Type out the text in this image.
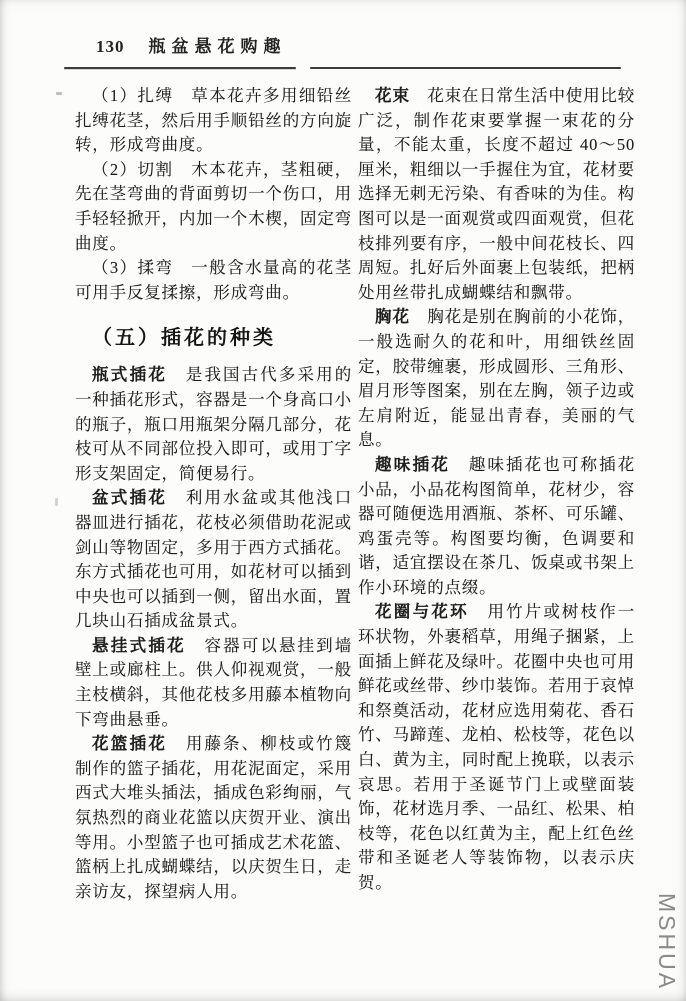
130 瓶盆悬花购趣

（1）扎缚　草本花卉多用细铅丝扎缚花茎，然后用手顺铅丝的方向旋转，形成弯曲度。

（2）切割　木本花卉，茎粗硬，先在茎弯曲的背面剪切一个伤口，用手轻轻掀开，内加一个木楔，固定弯曲度。

（3）揉弯　一般含水量高的花茎可用手反复揉擦，形成弯曲。

（五）插花的种类

瓶式插花　是我国古代多采用的一种插花形式，容器是一个身高口小的瓶子，瓶口用瓶架分隔几部分，花枝可从不同部位投入即可，或用丁字形支架固定，简便易行。

盆式插花　利用水盆或其他浅口器皿进行插花，花枝必须借助花泥或剑山等物固定，多用于西方式插花。东方式插花也可用，如花材可以插到中央也可以插到一侧，留出水面，置几块山石插成盆景式。

悬挂式插花　容器可以悬挂到墙壁上或廊柱上。供人仰视观赏，一般主枝横斜，其他花枝多用藤本植物向下弯曲悬垂。

花篮插花　用藤条、柳枝或竹篾制作的篮子插花，用花泥面定，采用西式大堆头插法，插成色彩绚丽，气氛热烈的商业花篮以庆贺开业、演出等用。小型篮子也可插成艺术花篮、篮柄上扎成蝴蝶结，以庆贺生日，走亲访友，探望病人用。

花束　花束在日常生活中使用比较广泛，制作花束要掌握一束花的分量，不能太重，长度不超过 40～50 厘米，粗细以一手握住为宜，花材要选择无刺无污染、有香味的为佳。构图可以是一面观赏或四面观赏，但花枝排列要有序，一般中间花枝长、四周短。扎好后外面裹上包装纸，把柄处用丝带扎成蝴蝶结和飘带。

胸花　胸花是别在胸前的小花饰，一般选耐久的花和叶，用细铁丝固定，胶带缠裹，形成圆形、三角形、眉月形等图案，别在左胸，领子边或左肩附近，能显出青春，美丽的气息。

趣味插花　趣味插花也可称插花小品，小品花构图简单，花材少，容器可随便选用酒瓶、茶杯、可乐罐、鸡蛋壳等。构图要均衡，色调要和谐，适宜摆设在茶几、饭桌或书架上作小环境的点缀。

花圈与花环　用竹片或树枝作一环状物，外裹稻草，用绳子捆紧，上面插上鲜花及绿叶。花圈中央也可用鲜花或丝带、纱巾装饰。若用于哀悼和祭奠活动，花材应选用菊花、香石竹、马蹄莲、龙柏、松枝等，花色以白、黄为主，同时配上挽联，以表示哀思。若用于圣诞节门上或壁面装饰，花材选月季、一品红、松果、柏枝等，花色以红黄为主，配上红色丝带和圣诞老人等装饰物，以表示庆贺。

MSHUA
